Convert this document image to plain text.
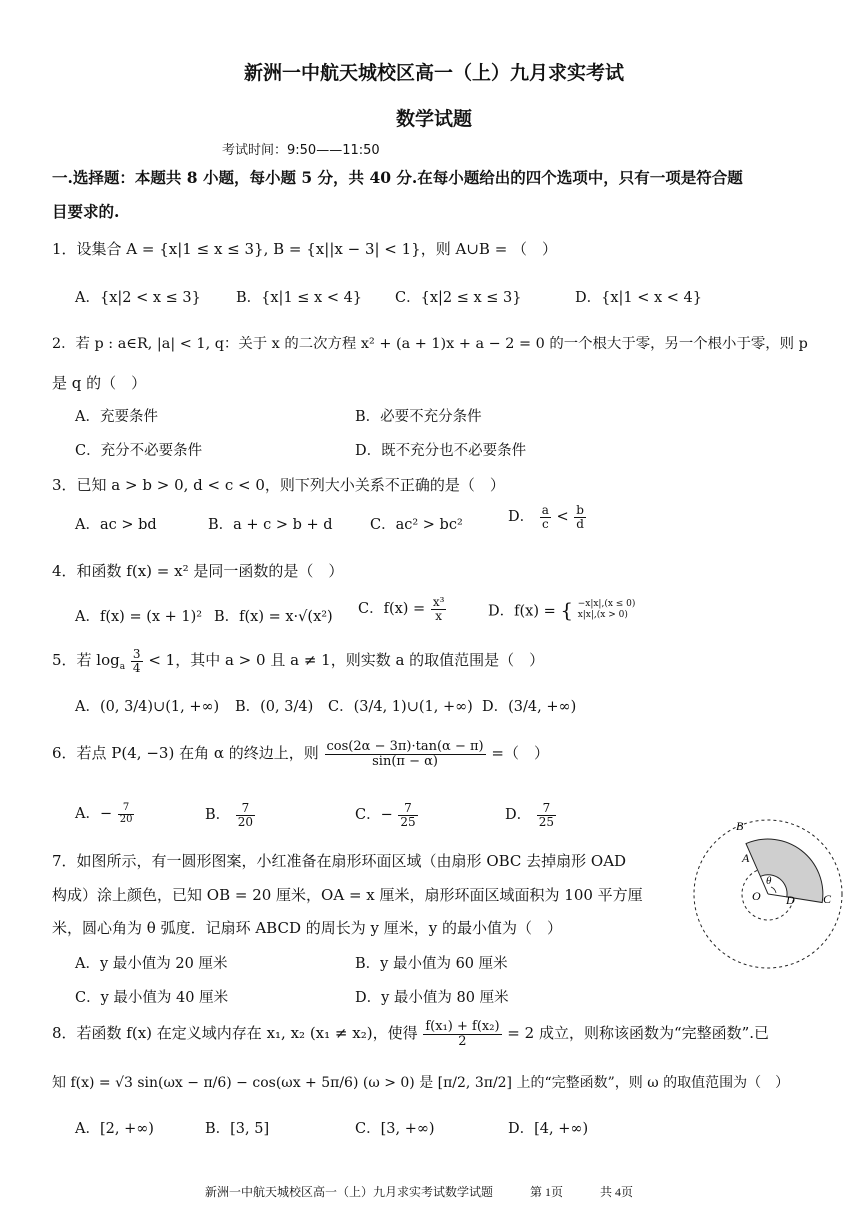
新洲一中航天城校区高一（上）九月求实考试
数学试题
考试时间：9:50——11:50
一.选择题：本题共 8 小题，每小题 5 分，共 40 分.在每小题给出的四个选项中，只有一项是符合题
目要求的.
1．设集合 A = {x|1 ≤ x ≤ 3}, B = {x||x − 3| < 1}，则 A∪B = （　）
A．{x|2 < x ≤ 3} B．{x|1 ≤ x < 4} C．{x|2 ≤ x ≤ 3}	D．{x|1 < x < 4}
2．若 p : a∈R, |a| < 1, q：关于 x 的二次方程 x² + (a + 1)x + a − 2 = 0 的一个根大于零，另一个根小于零，则 p
是 q 的（　）
A．充要条件	B．必要不充分条件
C．充分不必要条件	D．既不充分也不必要条件
3．已知 a > b > 0, d < c < 0，则下列大小关系不正确的是（　）
A．ac > bd	B．a + c > b + d	C．ac² > bc²	D． $\frac{a}{c} < \frac{b}{d}$
4．和函数 f(x) = x² 是同一函数的是（　）
A．f(x) = (x + 1)² B．f(x) = x·√(x²) C．$f(x) = \frac{\text{x³}}{x}$	D．f(x) = { −x|x|,(x ≤ 0)
x|x|,(x > 0)
5．若 $\log_a \frac{3}{4} < 1$，其中 a > 0 且 a ≠ 1，则实数 a 的取值范围是（　）
A．(0, 3/4)∪(1, +∞) B．(0, 3/4) C．(3/4, 1)∪(1, +∞) D．(3/4, +∞)
6．若点 P(4, −3) 在角 α 的终边上，则 $\frac{\cos(2\alpha - 3\pi)\cdot\tan(\alpha - \pi)}{\sin(\pi - \alpha)}$ =（　）
A．− $\frac{7}{20}$	B． $\frac{7}{20}$	C．− $\frac{7}{25}$	D． $\frac{7}{25}$
7．如图所示，有一圆形图案，小红准备在扇形环面区域（由扇形 OBC 去掉扇形 OAD
构成）涂上颜色，已知 OB = 20 厘米，OA = x 厘米，扇形环面区域面积为 100 平方厘
米，圆心角为 θ 弧度．记扇环 ABCD 的周长为 y 厘米，y 的最小值为（　）
A．y 最小值为 20 厘米	B．y 最小值为 60 厘米
C．y 最小值为 40 厘米	D．y 最小值为 80 厘米
B
A
θ
O D C
8．若函数 f(x) 在定义域内存在 x₁, x₂ (x₁ ≠ x₂)，使得 $\frac{\text{f(x₁) + f(x₂)}}{2} = 2$ 成立，则称该函数为“完整函数”.已
知 f(x) = √3 sin(ωx − π/6) − cos(ωx + 5π/6) (ω > 0) 是 [π/2, 3π/2] 上的“完整函数”，则 ω 的取值范围为（　）
A．[2, +∞)	B．[3, 5]	C．[3, +∞)	D．[4, +∞)
新洲一中航天城校区高一（上）九月求实考试数学试题	第 1页	共 4页
